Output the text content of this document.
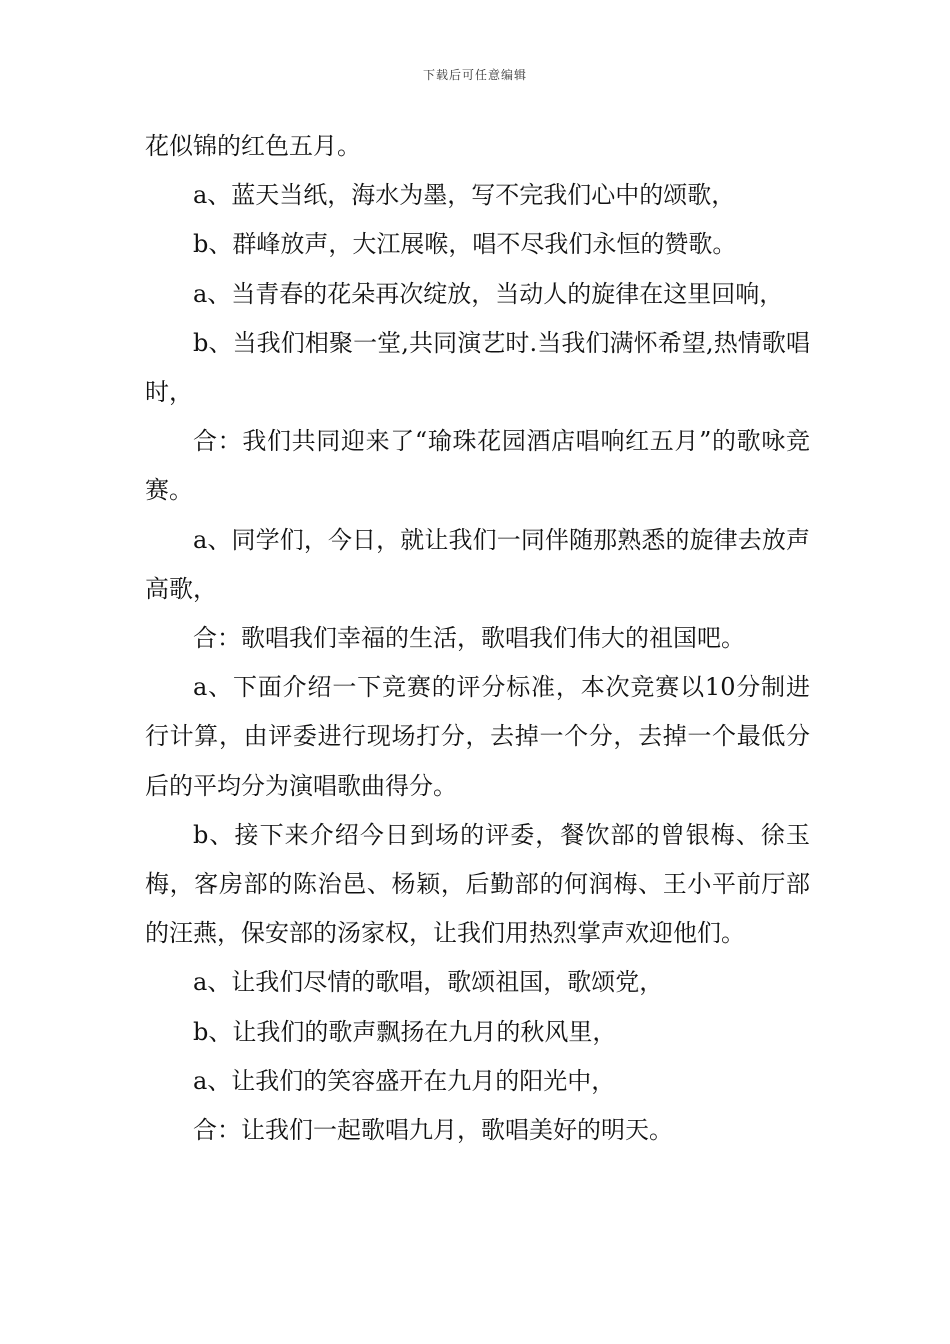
下载后可任意编辑

花似锦的红色五月。

a、蓝天当纸，海水为墨，写不完我们心中的颂歌，

b、群峰放声，大江展喉，唱不尽我们永恒的赞歌。

a、当青春的花朵再次绽放，当动人的旋律在这里回响，

b、当我们相聚一堂,共同演艺时.当我们满怀希望,热情歌唱时，

合：我们共同迎来了“瑜珠花园酒店唱响红五月”的歌咏竞赛。

a、同学们，今日，就让我们一同伴随那熟悉的旋律去放声高歌，

合：歌唱我们幸福的生活，歌唱我们伟大的祖国吧。

a、下面介绍一下竞赛的评分标准，本次竞赛以10分制进行计算，由评委进行现场打分，去掉一个分，去掉一个最低分后的平均分为演唱歌曲得分。

b、接下来介绍今日到场的评委，餐饮部的曾银梅、徐玉梅，客房部的陈治邑、杨颖，后勤部的何润梅、王小平前厅部的汪燕，保安部的汤家权，让我们用热烈掌声欢迎他们。

a、让我们尽情的歌唱，歌颂祖国，歌颂党，

b、让我们的歌声飘扬在九月的秋风里，

a、让我们的笑容盛开在九月的阳光中，

合：让我们一起歌唱九月，歌唱美好的明天。
